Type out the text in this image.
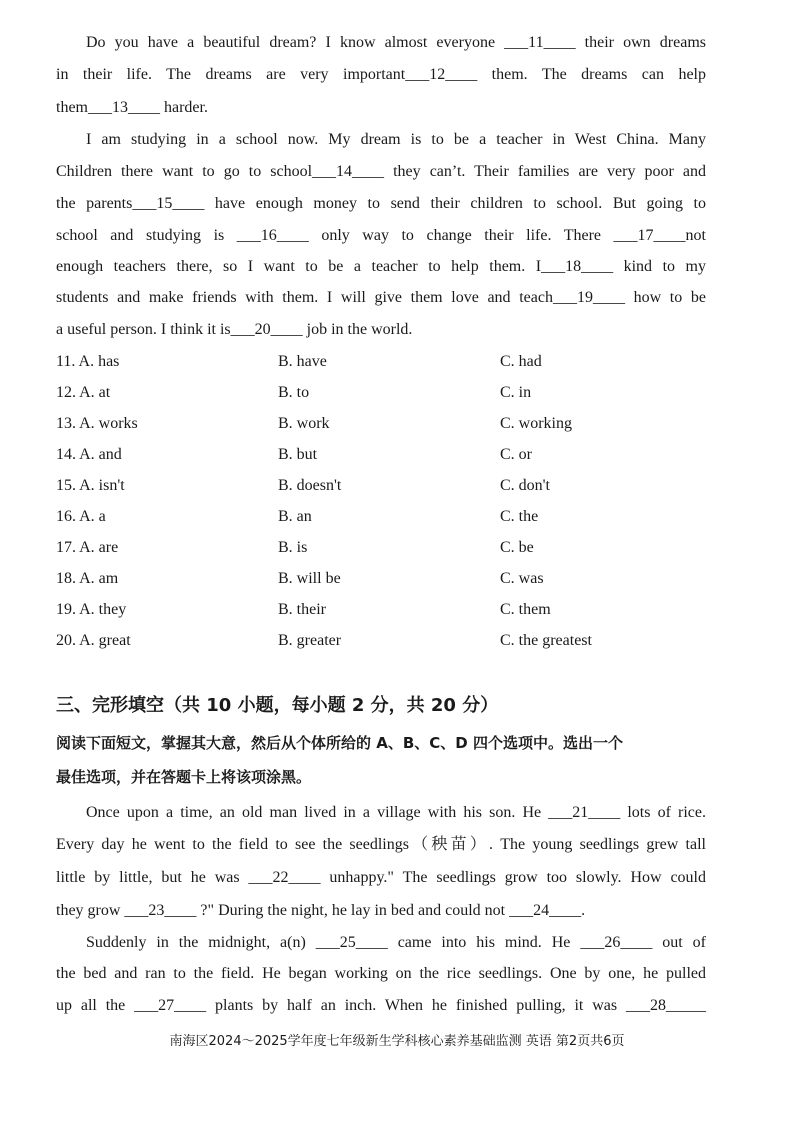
Do you have a beautiful dream? I know almost everyone ___11____ their own dreams
in their life. The dreams are very important___12____ them. The dreams can help
them___13____ harder.
I am studying in a school now. My dream is to be a teacher in West China. Many
Children there want to go to school___14____ they can’t. Their families are very poor and
the parents___15____ have enough money to send their children to school. But going to
school and studying is ___16____ only way to change their life. There ___17____not
enough teachers there, so I want to be a teacher to help them. I___18____ kind to my
students and make friends with them. I will give them love and teach___19____ how to be
a useful person. I think it is___20____ job in the world.
11. A. has	B. have	C. had
12. A. at	B. to	C. in
13. A. works	B. work	C. working
14. A. and	B. but	C. or
15. A. isn't	B. doesn't	C. don't
16. A. a	B. an	C. the
17. A. are	B. is	C. be
18. A. am	B. will be	C. was
19. A. they	B. their	C. them
20. A. great	B. greater	C. the greatest
三、完形填空（共 10 小题，每小题 2 分，共 20 分）
阅读下面短文，掌握其大意，然后从个体所给的 A、B、C、D 四个选项中。选出一个
最佳选项，并在答题卡上将该项涂黑。
Once upon a time, an old man lived in a village with his son. He ___21____ lots of rice.
Every day he went to the field to see the seedlings（秧苗）. The young seedlings grew tall
little by little, but he was ___22____ unhappy." The seedlings grow too slowly. How could
they grow ___23____ ?" During the night, he lay in bed and could not ___24____.
Suddenly in the midnight, a(n) ___25____ came into his mind. He ___26____ out of
the bed and ran to the field. He began working on the rice seedlings. One by one, he pulled
up all the ___27____ plants by half an inch. When he finished pulling, it was ___28_____
南海区2024～2025学年度七年级新生学科核心素养基础监测 英语 第2页共6页
